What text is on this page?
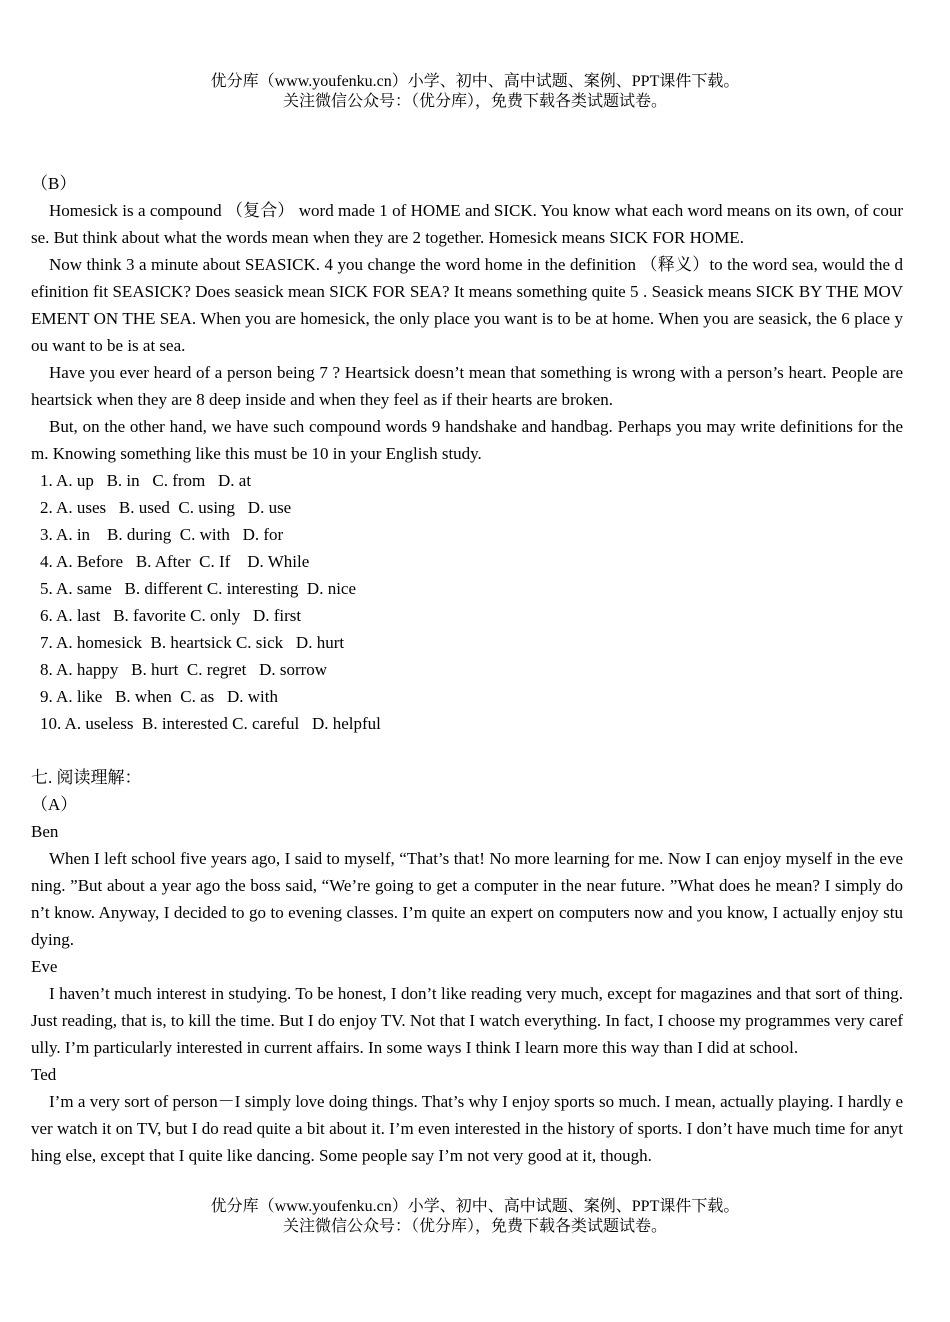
优分库（www.youfenku.cn）小学、初中、高中试题、案例、PPT课件下载。
关注微信公众号：（优分库），免费下载各类试题试卷。
（B）
Homesick is a compound （复合） word made 1 of HOME and SICK. You know what each word means on its own, of course. But think about what the words mean when they are 2 together. Homesick means SICK FOR HOME.
Now think 3 a minute about SEASICK. 4 you change the word home in the definition （释义）to the word sea, would the definition fit SEASICK? Does seasick mean SICK FOR SEA? It means something quite 5 . Seasick means SICK BY THE MOVEMENT ON THE SEA. When you are homesick, the only place you want is to be at home. When you are seasick, the 6 place you want to be is at sea.
Have you ever heard of a person being 7 ? Heartsick doesn’t mean that something is wrong with a person’s heart. People are heartsick when they are 8 deep inside and when they feel as if their hearts are broken.
But, on the other hand, we have such compound words 9 handshake and handbag. Perhaps you may write definitions for them. Knowing something like this must be 10 in your English study.
1. A. up   B. in   C. from   D. at
2. A. uses   B. used  C. using   D. use
3. A. in    B. during  C. with   D. for
4. A. Before   B. After  C. If    D. While
5. A. same   B. different C. interesting  D. nice
6. A. last   B. favorite C. only   D. first
7. A. homesick  B. heartsick C. sick   D. hurt
8. A. happy   B. hurt  C. regret   D. sorrow
9. A. like   B. when  C. as   D. with
10. A. useless  B. interested C. careful   D. helpful
七. 阅读理解：
（A）
Ben
When I left school five years ago, I said to myself, “That’s that! No more learning for me. Now I can enjoy myself in the evening. ”But about a year ago the boss said, “We’re going to get a computer in the near future. ”What does he mean? I simply don’t know. Anyway, I decided to go to evening classes. I’m quite an expert on computers now and you know, I actually enjoy studying.
Eve
I haven’t much interest in studying. To be honest, I don’t like reading very much, except for magazines and that sort of thing. Just reading, that is, to kill the time. But I do enjoy TV. Not that I watch everything. In fact, I choose my programmes very carefully. I’m particularly interested in current affairs. In some ways I think I learn more this way than I did at school.
Ted
I’m a very sort of person－I simply love doing things. That’s why I enjoy sports so much. I mean, actually playing. I hardly ever watch it on TV, but I do read quite a bit about it. I’m even interested in the history of sports. I don’t have much time for anything else, except that I quite like dancing. Some people say I’m not very good at it, though.
优分库（www.youfenku.cn）小学、初中、高中试题、案例、PPT课件下载。
关注微信公众号：（优分库），免费下载各类试题试卷。
